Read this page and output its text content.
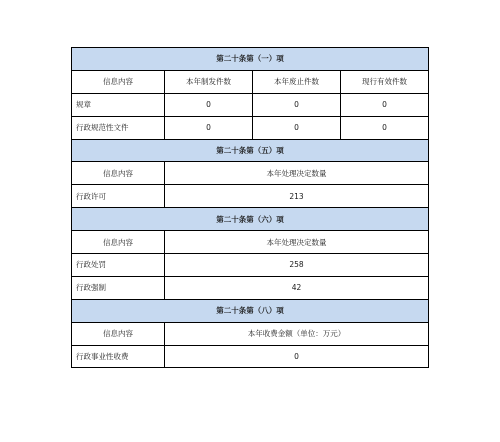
第二十条第（一）项			
信息内容	本年制发件数	本年废止件数	现行有效件数
规章	0	0	0
行政规范性文件	0	0	0
第二十条第（五）项			
信息内容	本年处理决定数量		
行政许可	213		
第二十条第（六）项			
信息内容	本年处理决定数量		
行政处罚	258		
行政强制	42		
第二十条第（八）项			
信息内容	本年收费金额（单位：万元）		
行政事业性收费	0		
